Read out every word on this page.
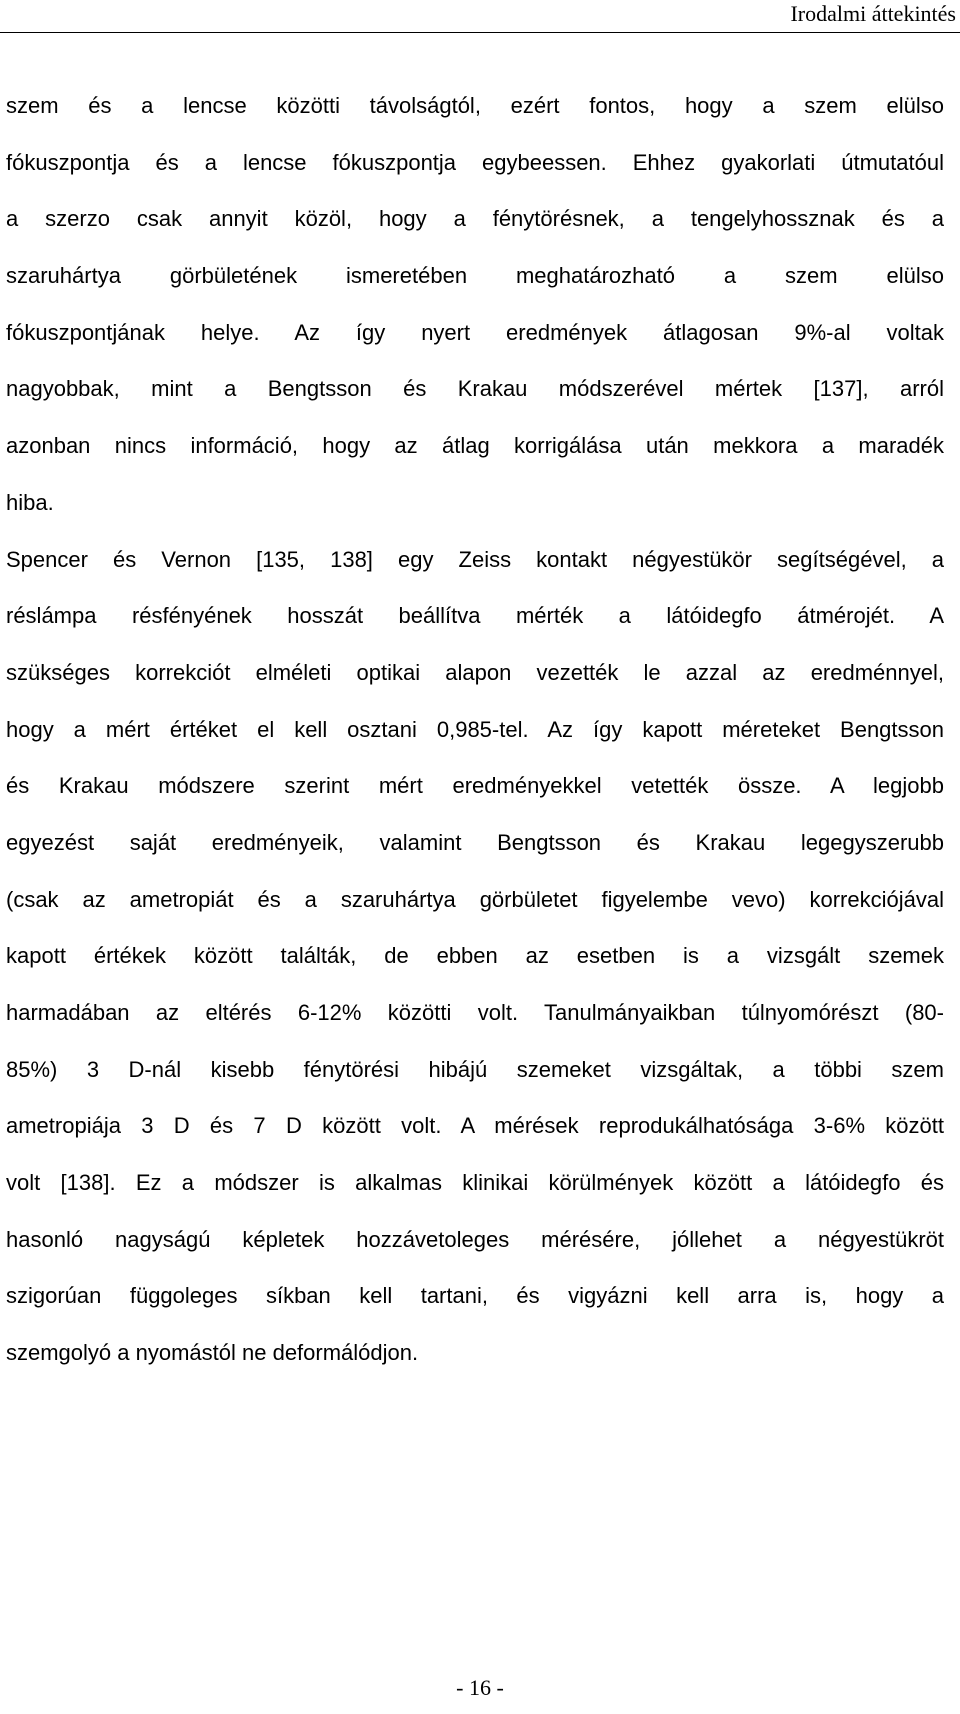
Irodalmi áttekintés
szem és a lencse közötti távolságtól, ezért fontos, hogy a szem elülso
fókuszpontja és a lencse fókuszpontja egybeessen. Ehhez gyakorlati útmutatóul
a szerzo csak annyit közöl, hogy a fénytörésnek, a tengelyhossznak és a
szaruhártya görbületének ismeretében meghatározható a szem elülso
fókuszpontjának helye. Az így nyert eredmények átlagosan 9%-al voltak
nagyobbak, mint a Bengtsson és Krakau módszerével mértek [137], arról
azonban nincs információ, hogy az átlag korrigálása után mekkora a maradék
hiba.
Spencer és Vernon [135, 138] egy Zeiss kontakt négyestükör segítségével, a
réslámpa résfényének hosszát beállítva mérték a látóidegfo átmérojét. A
szükséges korrekciót elméleti optikai alapon vezették le azzal az eredménnyel,
hogy a mért értéket el kell osztani 0,985-tel. Az így kapott méreteket Bengtsson
és Krakau módszere szerint mért eredményekkel vetették össze. A legjobb
egyezést saját eredményeik, valamint Bengtsson és Krakau legegyszerubb
(csak az ametropiát és a szaruhártya görbületet figyelembe vevo) korrekciójával
kapott értékek között találták, de ebben az esetben is a vizsgált szemek
harmadában az eltérés 6-12% közötti volt. Tanulmányaikban túlnyomórészt (80-
85%) 3 D-nál kisebb fénytörési hibájú szemeket vizsgáltak, a többi szem
ametropiája 3 D és 7 D között volt. A mérések reprodukálhatósága 3-6% között
volt [138]. Ez a módszer is alkalmas klinikai körülmények között a látóidegfo és
hasonló nagyságú képletek hozzávetoleges mérésére, jóllehet a négyestükröt
szigorúan függoleges síkban kell tartani, és vigyázni kell arra is, hogy a
szemgolyó a nyomástól ne deformálódjon.
- 16 -
